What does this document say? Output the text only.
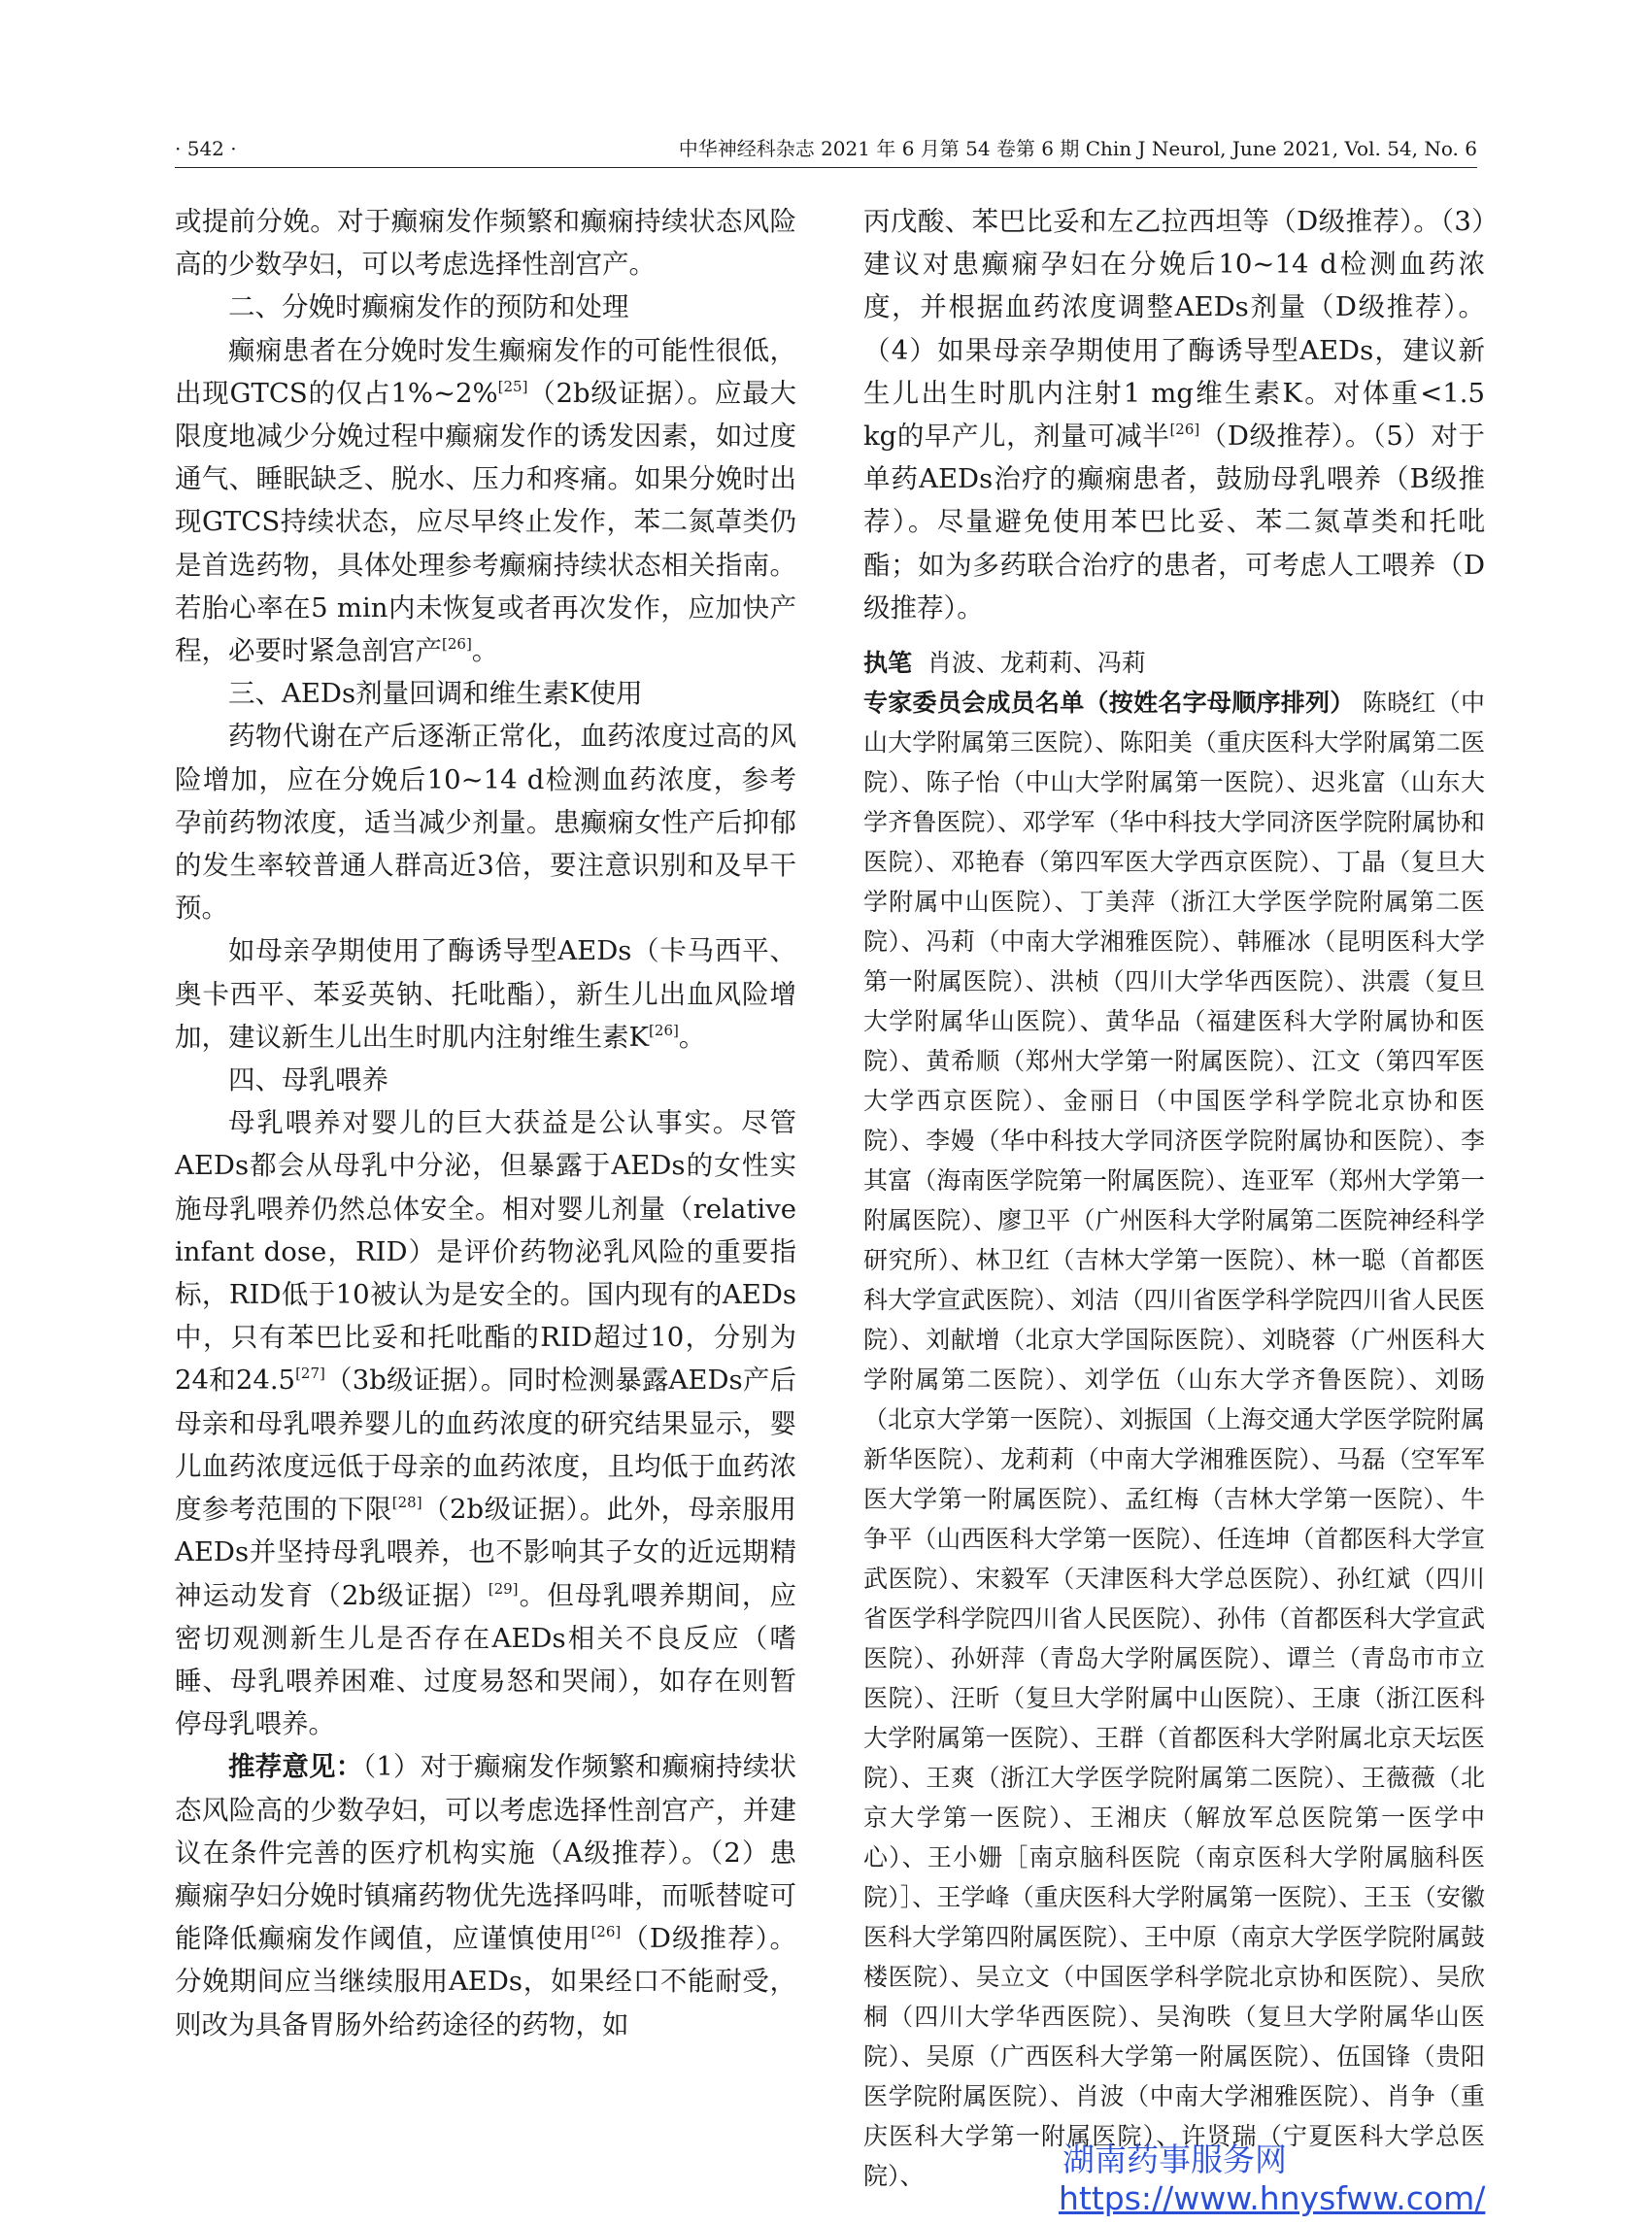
· 542 ·	中华神经科杂志 2021 年 6 月第 54 卷第 6 期 Chin J Neurol, June 2021, Vol. 54, No. 6

或提前分娩。对于癫痫发作频繁和癫痫持续状态风险高的少数孕妇，可以考虑选择性剖宫产。

二、分娩时癫痫发作的预防和处理

癫痫患者在分娩时发生癫痫发作的可能性很低，出现GTCS的仅占1%~2%[25]（2b级证据）。应最大限度地减少分娩过程中癫痫发作的诱发因素，如过度通气、睡眠缺乏、脱水、压力和疼痛。如果分娩时出现GTCS持续状态，应尽早终止发作，苯二氮䓬类仍是首选药物，具体处理参考癫痫持续状态相关指南。若胎心率在5 min内未恢复或者再次发作，应加快产程，必要时紧急剖宫产[26]。

三、AEDs剂量回调和维生素K使用

药物代谢在产后逐渐正常化，血药浓度过高的风险增加，应在分娩后10~14 d检测血药浓度，参考孕前药物浓度，适当减少剂量。患癫痫女性产后抑郁的发生率较普通人群高近3倍，要注意识别和及早干预。

如母亲孕期使用了酶诱导型AEDs（卡马西平、奥卡西平、苯妥英钠、托吡酯），新生儿出血风险增加，建议新生儿出生时肌内注射维生素K[26]。

四、母乳喂养

母乳喂养对婴儿的巨大获益是公认事实。尽管AEDs都会从母乳中分泌，但暴露于AEDs的女性实施母乳喂养仍然总体安全。相对婴儿剂量（relative infant dose，RID）是评价药物泌乳风险的重要指标，RID低于10被认为是安全的。国内现有的AEDs中，只有苯巴比妥和托吡酯的RID超过10，分别为24和24.5[27]（3b级证据）。同时检测暴露AEDs产后母亲和母乳喂养婴儿的血药浓度的研究结果显示，婴儿血药浓度远低于母亲的血药浓度，且均低于血药浓度参考范围的下限[28]（2b级证据）。此外，母亲服用AEDs并坚持母乳喂养，也不影响其子女的近远期精神运动发育（2b级证据）[29]。但母乳喂养期间，应密切观测新生儿是否存在AEDs相关不良反应（嗜睡、母乳喂养困难、过度易怒和哭闹），如存在则暂停母乳喂养。

推荐意见：（1）对于癫痫发作频繁和癫痫持续状态风险高的少数孕妇，可以考虑选择性剖宫产，并建议在条件完善的医疗机构实施（A级推荐）。（2）患癫痫孕妇分娩时镇痛药物优先选择吗啡，而哌替啶可能降低癫痫发作阈值，应谨慎使用[26]（D级推荐）。分娩期间应当继续服用AEDs，如果经口不能耐受，则改为具备胃肠外给药途径的药物，如

丙戊酸、苯巴比妥和左乙拉西坦等（D级推荐）。（3）建议对患癫痫孕妇在分娩后10~14 d检测血药浓度，并根据血药浓度调整AEDs剂量（D级推荐）。（4）如果母亲孕期使用了酶诱导型AEDs，建议新生儿出生时肌内注射1 mg维生素K。对体重<1.5 kg的早产儿，剂量可减半[26]（D级推荐）。（5）对于单药AEDs治疗的癫痫患者，鼓励母乳喂养（B级推荐）。尽量避免使用苯巴比妥、苯二氮䓬类和托吡酯；如为多药联合治疗的患者，可考虑人工喂养（D级推荐）。

执笔 肖波、龙莉莉、冯莉

专家委员会成员名单（按姓名字母顺序排列） 陈晓红（中山大学附属第三医院）、陈阳美（重庆医科大学附属第二医院）、陈子怡（中山大学附属第一医院）、迟兆富（山东大学齐鲁医院）、邓学军（华中科技大学同济医学院附属协和医院）、邓艳春（第四军医大学西京医院）、丁晶（复旦大学附属中山医院）、丁美萍（浙江大学医学院附属第二医院）、冯莉（中南大学湘雅医院）、韩雁冰（昆明医科大学第一附属医院）、洪桢（四川大学华西医院）、洪震（复旦大学附属华山医院）、黄华品（福建医科大学附属协和医院）、黄希顺（郑州大学第一附属医院）、江文（第四军医大学西京医院）、金丽日（中国医学科学院北京协和医院）、李嫚（华中科技大学同济医学院附属协和医院）、李其富（海南医学院第一附属医院）、连亚军（郑州大学第一附属医院）、廖卫平（广州医科大学附属第二医院神经科学研究所）、林卫红（吉林大学第一医院）、林一聪（首都医科大学宣武医院）、刘洁（四川省医学科学院四川省人民医院）、刘献增（北京大学国际医院）、刘晓蓉（广州医科大学附属第二医院）、刘学伍（山东大学齐鲁医院）、刘旸（北京大学第一医院）、刘振国（上海交通大学医学院附属新华医院）、龙莉莉（中南大学湘雅医院）、马磊（空军军医大学第一附属医院）、孟红梅（吉林大学第一医院）、牛争平（山西医科大学第一医院）、任连坤（首都医科大学宣武医院）、宋毅军（天津医科大学总医院）、孙红斌（四川省医学科学院四川省人民医院）、孙伟（首都医科大学宣武医院）、孙妍萍（青岛大学附属医院）、谭兰（青岛市市立医院）、汪昕（复旦大学附属中山医院）、王康（浙江医科大学附属第一医院）、王群（首都医科大学附属北京天坛医院）、王爽（浙江大学医学院附属第二医院）、王薇薇（北京大学第一医院）、王湘庆（解放军总医院第一医学中心）、王小姗［南京脑科医院（南京医科大学附属脑科医院）］、王学峰（重庆医科大学附属第一医院）、王玉（安徽医科大学第四附属医院）、王中原（南京大学医学院附属鼓楼医院）、吴立文（中国医学科学院北京协和医院）、吴欣桐（四川大学华西医院）、吴洵昳（复旦大学附属华山医院）、吴原（广西医科大学第一附属医院）、伍国锋（贵阳医学院附属医院）、肖波（中南大学湘雅医院）、肖争（重庆医科大学第一附属医院）、许贤瑞（宁夏医科大学总医院）、	湖南药事服务网
https://www.hnysfww.com/
